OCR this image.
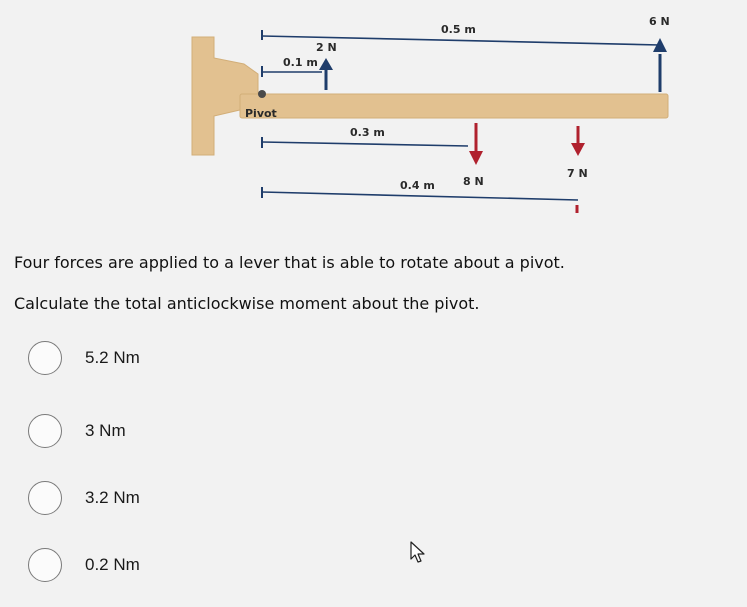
0.5 m
6 N
2 N
0.1 m
Pivot
0.3 m
0.4 m	8 N
7 N
Four forces are applied to a lever that is able to rotate about a pivot.
Calculate the total anticlockwise moment about the pivot.
5.2 Nm
3 Nm
3.2 Nm
0.2 Nm
